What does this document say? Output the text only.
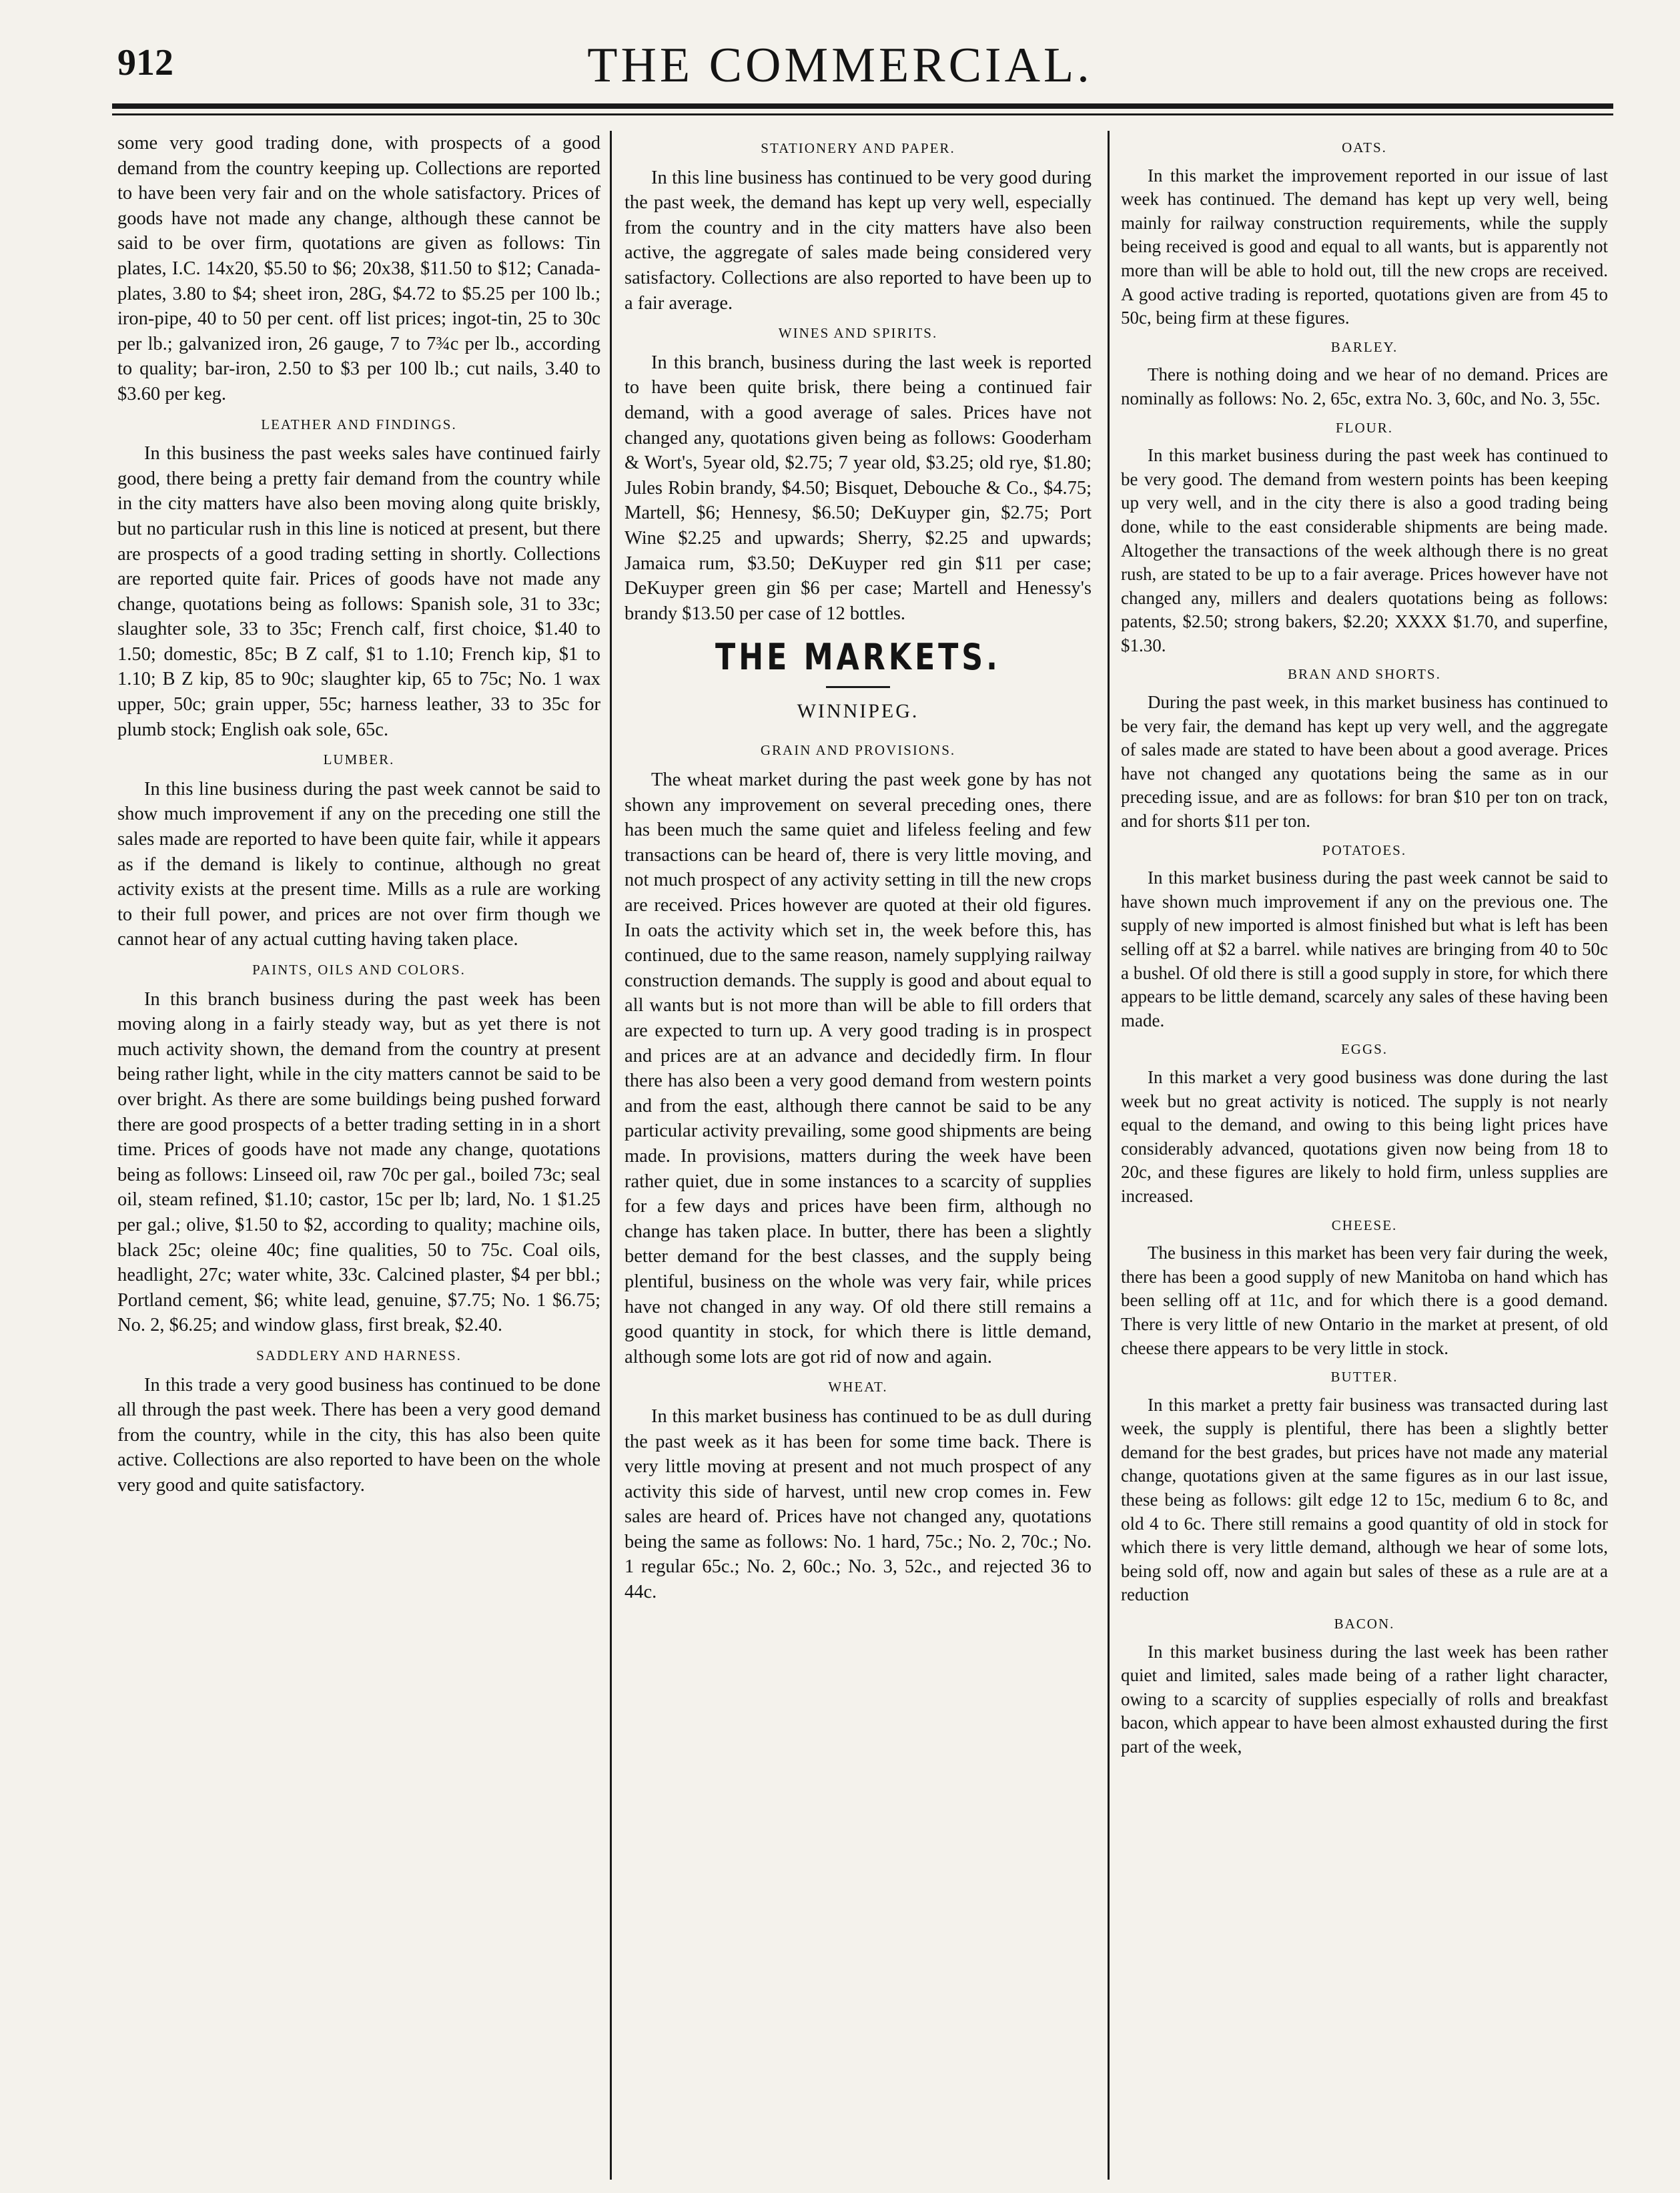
912	THE COMMERCIAL.

some very good trading done, with prospects of a good demand from the country keeping up. Collections are reported to have been very fair and on the whole satisfactory. Prices of goods have not made any change, although these cannot be said to be over firm, quotations are given as follows: Tin plates, I.C. 14x20, $5.50 to $6; 20x38, $11.50 to $12; Canada-plates, 3.80 to $4; sheet iron, 28G, $4.72 to $5.25 per 100 lb.; iron-pipe, 40 to 50 per cent. off list prices; ingot-tin, 25 to 30c per lb.; galvanized iron, 26 gauge, 7 to 7¾c per lb., according to quality; bar-iron, 2.50 to $3 per 100 lb.; cut nails, 3.40 to $3.60 per keg.

LEATHER AND FINDINGS.

In this business the past weeks sales have continued fairly good, there being a pretty fair demand from the country while in the city matters have also been moving along quite briskly, but no particular rush in this line is noticed at present, but there are prospects of a good trading setting in shortly. Collections are reported quite fair. Prices of goods have not made any change, quotations being as follows: Spanish sole, 31 to 33c; slaughter sole, 33 to 35c; French calf, first choice, $1.40 to 1.50; domestic, 85c; B Z calf, $1 to 1.10; French kip, $1 to 1.10; B Z kip, 85 to 90c; slaughter kip, 65 to 75c; No. 1 wax upper, 50c; grain upper, 55c; harness leather, 33 to 35c for plumb stock; English oak sole, 65c.

LUMBER.

In this line business during the past week cannot be said to show much improvement if any on the preceding one still the sales made are reported to have been quite fair, while it appears as if the demand is likely to continue, although no great activity exists at the present time. Mills as a rule are working to their full power, and prices are not over firm though we cannot hear of any actual cutting having taken place.

PAINTS, OILS AND COLORS.

In this branch business during the past week has been moving along in a fairly steady way, but as yet there is not much activity shown, the demand from the country at present being rather light, while in the city matters cannot be said to be over bright. As there are some buildings being pushed forward there are good prospects of a better trading setting in in a short time. Prices of goods have not made any change, quotations being as follows: Linseed oil, raw 70c per gal., boiled 73c; seal oil, steam refined, $1.10; castor, 15c per lb; lard, No. 1 $1.25 per gal.; olive, $1.50 to $2, according to quality; machine oils, black 25c; oleine 40c; fine qualities, 50 to 75c. Coal oils, headlight, 27c; water white, 33c. Calcined plaster, $4 per bbl.; Portland cement, $6; white lead, genuine, $7.75; No. 1 $6.75; No. 2, $6.25; and window glass, first break, $2.40.

SADDLERY AND HARNESS.

In this trade a very good business has continued to be done all through the past week. There has been a very good demand from the country, while in the city, this has also been quite active. Collections are also reported to have been on the whole very good and quite satisfactory.

STATIONERY AND PAPER.

In this line business has continued to be very good during the past week, the demand has kept up very well, especially from the country and in the city matters have also been active, the aggregate of sales made being considered very satisfactory. Collections are also reported to have been up to a fair average.

WINES AND SPIRITS.

In this branch, business during the last week is reported to have been quite brisk, there being a continued fair demand, with a good average of sales. Prices have not changed any, quotations given being as follows: Gooderham & Wort's, 5year old, $2.75; 7 year old, $3.25; old rye, $1.80; Jules Robin brandy, $4.50; Bisquet, Debouche & Co., $4.75; Martell, $6; Hennesy, $6.50; DeKuyper gin, $2.75; Port Wine $2.25 and upwards; Sherry, $2.25 and upwards; Jamaica rum, $3.50; DeKuyper red gin $11 per case; DeKuyper green gin $6 per case; Martell and Henessy's brandy $13.50 per case of 12 bottles.

THE MARKETS.
WINNIPEG.
GRAIN AND PROVISIONS.

The wheat market during the past week gone by has not shown any improvement on several preceding ones, there has been much the same quiet and lifeless feeling and few transactions can be heard of, there is very little moving, and not much prospect of any activity setting in till the new crops are received. Prices however are quoted at their old figures. In oats the activity which set in, the week before this, has continued, due to the same reason, namely supplying railway construction demands. The supply is good and about equal to all wants but is not more than will be able to fill orders that are expected to turn up. A very good trading is in prospect and prices are at an advance and decidedly firm. In flour there has also been a very good demand from western points and from the east, although there cannot be said to be any particular activity prevailing, some good shipments are being made. In provisions, matters during the week have been rather quiet, due in some instances to a scarcity of supplies for a few days and prices have been firm, although no change has taken place. In butter, there has been a slightly better demand for the best classes, and the supply being plentiful, business on the whole was very fair, while prices have not changed in any way. Of old there still remains a good quantity in stock, for which there is little demand, although some lots are got rid of now and again.

WHEAT.

In this market business has continued to be as dull during the past week as it has been for some time back. There is very little moving at present and not much prospect of any activity this side of harvest, until new crop comes in. Few sales are heard of. Prices have not changed any, quotations being the same as follows: No. 1 hard, 75c.; No. 2, 70c.; No. 1 regular 65c.; No. 2, 60c.; No. 3, 52c., and rejected 36 to 44c.

OATS.

In this market the improvement reported in our issue of last week has continued. The demand has kept up very well, being mainly for railway construction requirements, while the supply being received is good and equal to all wants, but is apparently not more than will be able to hold out, till the new crops are received. A good active trading is reported, quotations given are from 45 to 50c, being firm at these figures.

BARLEY.

There is nothing doing and we hear of no demand. Prices are nominally as follows: No. 2, 65c, extra No. 3, 60c, and No. 3, 55c.

FLOUR.

In this market business during the past week has continued to be very good. The demand from western points has been keeping up very well, and in the city there is also a good trading being done, while to the east considerable shipments are being made. Altogether the transactions of the week although there is no great rush, are stated to be up to a fair average. Prices however have not changed any, millers and dealers quotations being as follows: patents, $2.50; strong bakers, $2.20; XXXX $1.70, and superfine, $1.30.

BRAN AND SHORTS.

During the past week, in this market business has continued to be very fair, the demand has kept up very well, and the aggregate of sales made are stated to have been about a good average. Prices have not changed any quotations being the same as in our preceding issue, and are as follows: for bran $10 per ton on track, and for shorts $11 per ton.

POTATOES.

In this market business during the past week cannot be said to have shown much improvement if any on the previous one. The supply of new imported is almost finished but what is left has been selling off at $2 a barrel. while natives are bringing from 40 to 50c a bushel. Of old there is still a good supply in store, for which there appears to be little demand, scarcely any sales of these having been made.

EGGS.

In this market a very good business was done during the last week but no great activity is noticed. The supply is not nearly equal to the demand, and owing to this being light prices have considerably advanced, quotations given now being from 18 to 20c, and these figures are likely to hold firm, unless supplies are increased.

CHEESE.

The business in this market has been very fair during the week, there has been a good supply of new Manitoba on hand which has been selling off at 11c, and for which there is a good demand. There is very little of new Ontario in the market at present, of old cheese there appears to be very little in stock.

BUTTER.

In this market a pretty fair business was transacted during last week, the supply is plentiful, there has been a slightly better demand for the best grades, but prices have not made any material change, quotations given at the same figures as in our last issue, these being as follows: gilt edge 12 to 15c, medium 6 to 8c, and old 4 to 6c. There still remains a good quantity of old in stock for which there is very little demand, although we hear of some lots, being sold off, now and again but sales of these as a rule are at a reduction

BACON.

In this market business during the last week has been rather quiet and limited, sales made being of a rather light character, owing to a scarcity of supplies especially of rolls and breakfast bacon, which appear to have been almost exhausted during the first part of the week,
